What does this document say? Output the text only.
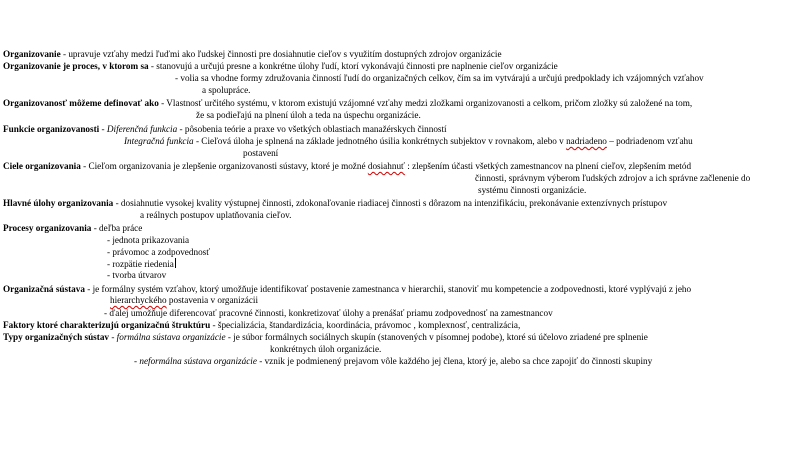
Organizovanie - upravuje vzťahy medzi ľuďmi ako ľudskej činnosti pre dosiahnutie cieľov s využitím dostupných zdrojov organizácie
Organizovanie je proces, v ktorom sa - stanovujú a určujú presne a konkrétne úlohy ľudí, ktorí vykonávajú činnosti pre naplnenie cieľov organizácie
- volia sa vhodne formy združovania činností ľudí do organizačných celkov, čím sa im vytvárajú a určujú predpoklady ich vzájomných vzťahov
a spolupráce.
Organizovanosť môžeme definovať ako - Vlastnosť určitého systému, v ktorom existujú vzájomné vzťahy medzi zložkami organizovanosti a celkom, pričom zložky sú založené na tom,
že sa podieľajú na plnení úloh a teda na úspechu organizácie.
Funkcie organizovanosti - Diferenčná funkcia - pôsobenia teórie a praxe vo všetkých oblastiach manažérskych činností
Integračná funkcia - Cieľová úloha je splnená na základe jednotného úsilia konkrétnych subjektov v rovnakom, alebo v nadriadeno – podriadenom vzťahu
postavení
Ciele organizovania - Cieľom organizovania je zlepšenie organizovanosti sústavy, ktoré je možné dosiahnuť : zlepšením účasti všetkých zamestnancov na plnení cieľov, zlepšením metód
činnosti, správnym výberom ľudských zdrojov a ich správne začlenenie do
systému činnosti organizácie.
Hlavné úlohy organizovania - dosiahnutie vysokej kvality výstupnej činnosti, zdokonaľovanie riadiacej činnosti s dôrazom na intenzifikáciu, prekonávanie extenzívnych prístupov
a reálnych postupov uplatňovania cieľov.
Procesy organizovania - deľba práce
- jednota prikazovania
- právomoc a zodpovednosť
- rozpätie riedenia
- tvorba útvarov
Organizačná sústava - je formálny systém vzťahov, ktorý umožňuje identifikovať postavenie zamestnanca v hierarchii, stanoviť mu kompetencie a zodpovednosti, ktoré vyplývajú z jeho
hierarchyckého postavenia v organizácii
- ďalej umožňuje diferencovať pracovné činnosti, konkretizovať úlohy a prenášať priamu zodpovednosť na zamestnancov
Faktory ktoré charakterizujú organizačnú štruktúru - špecializácia, štandardizácia, koordinácia, právomoc , komplexnosť, centralizácia,
Typy organizačných sústav - formálna sústava organizácie - je súbor formálnych sociálnych skupín (stanovených v písomnej podobe), ktoré sú účelovo zriadené pre splnenie
konkrétnych úloh organizácie.
- neformálna sústava organizácie - vznik je podmienený prejavom vôle každého jej člena, ktorý je, alebo sa chce zapojiť do činnosti skupiny
